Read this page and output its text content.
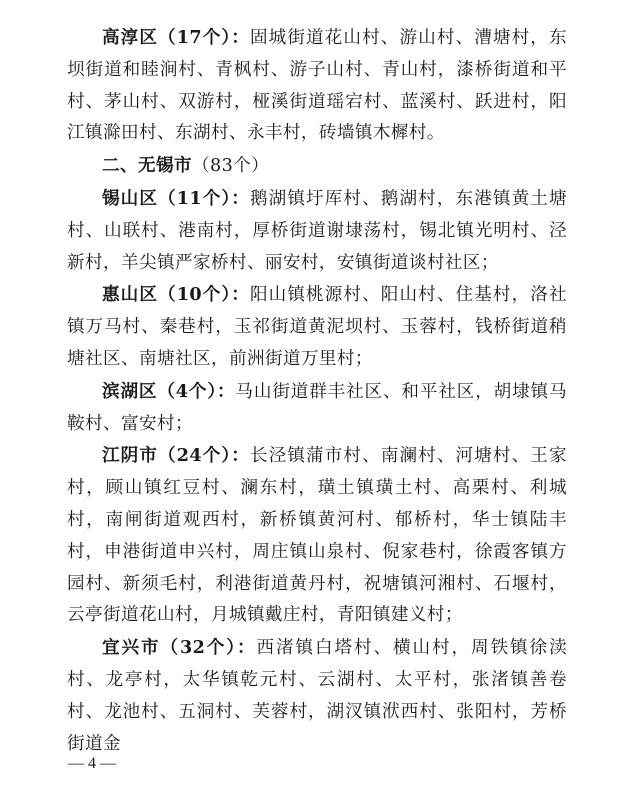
高淳区（17个）：固城街道花山村、游山村、漕塘村，东坝街道和睦涧村、青枫村、游子山村、青山村，漆桥街道和平村、茅山村、双游村，桠溪街道瑶宕村、蓝溪村、跃进村，阳江镇滁田村、东湖村、永丰村，砖墙镇木樨村。

二、无锡市（83个）

锡山区（11个）：鹅湖镇圩厍村、鹅湖村，东港镇黄土塘村、山联村、港南村，厚桥街道谢埭荡村，锡北镇光明村、泾新村，羊尖镇严家桥村、丽安村，安镇街道谈村社区；

惠山区（10个）：阳山镇桃源村、阳山村、住基村，洛社镇万马村、秦巷村，玉祁街道黄泥坝村、玉蓉村，钱桥街道稍塘社区、南塘社区，前洲街道万里村；

滨湖区（4个）：马山街道群丰社区、和平社区，胡埭镇马鞍村、富安村；

江阴市（24个）：长泾镇蒲市村、南澜村、河塘村、王家村，顾山镇红豆村、澜东村，璜土镇璜土村、高栗村、利城村，南闸街道观西村，新桥镇黄河村、郁桥村，华士镇陆丰村，申港街道申兴村，周庄镇山泉村、倪家巷村，徐霞客镇方园村、新须毛村，利港街道黄丹村，祝塘镇河湘村、石堰村，云亭街道花山村，月城镇戴庄村，青阳镇建义村；

宜兴市（32个）：西渚镇白塔村、横山村，周铁镇徐渎村、龙亭村，太华镇乾元村、云湖村、太平村，张渚镇善卷村、龙池村、五洞村、芙蓉村，湖汊镇洑西村、张阳村，芳桥街道金

— 4 —
